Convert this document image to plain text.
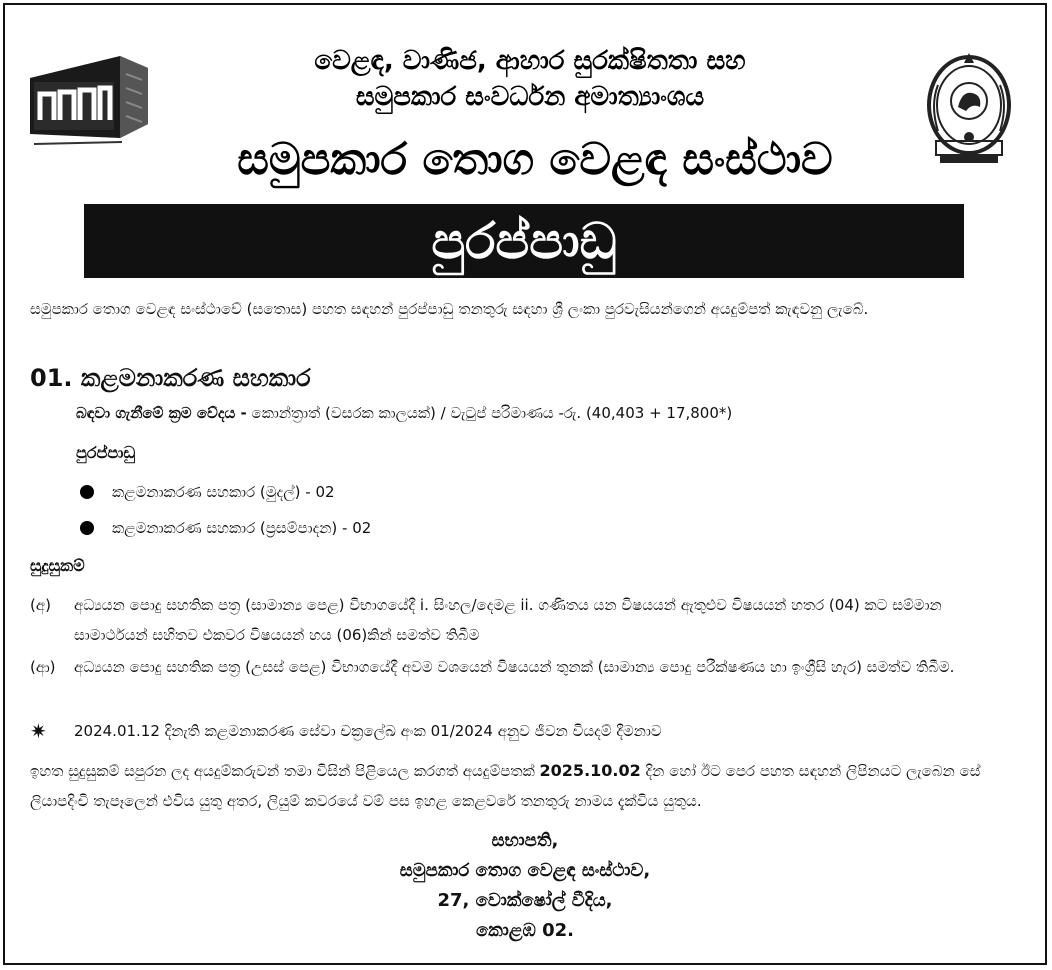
වෙළඳ, වාණිජ, ආහාර සුරක්ෂිතතා සහ
සමුපකාර සංවර්ධන අමාත්‍යාංශය
සමුපකාර තොග වෙළඳ සංස්ථාව
පුරප්පාඩු
සමුපකාර තොග වෙළඳ සංස්ථාවේ (සතොස) පහත සඳහන් පුරප්පාඩු තනතුරු සඳහා ශ්‍රී ලංකා පුරවැසියන්ගෙන් අයදුම්පත් කැඳවනු ලැබේ.
01. කළමනාකරණ සහකාර
බඳවා ගැනීමේ ක්‍රම වේදය - කොන්ත්‍රාත් (වසරක කාලයක්) / වැටුප් පරිමාණය -රු. (40,403 + 17,800*)
පුරප්පාඩු
කළමනාකරණ සහකාර (මුදල්) - 02
කළමනාකරණ සහකාර (ප්‍රසම්පාදන) - 02
සුදුසුකම්
(අ)	අධ්‍යයන පොදු සහතික පත්‍ර (සාමාන්‍ය පෙළ) විභාගයේදී i. සිංහල/දෙමළ ii. ගණිතය යන විෂයයන් ඇතුළුව විෂයයන් හතර (04) කට සම්මාන සාමාර්ථයන් සහිතව එකවර විෂයයන් හය (06)කින් සමත්ව තිබීම
(ආ)	අධ්‍යයන පොදු සහතික පත්‍ර (උසස් පෙළ) විභාගයේදී අවම වශයෙන් විෂයයන් තුනක් (සාමාන්‍ය පොදු පරීක්ෂණය හා ඉංග්‍රීසි හැර) සමත්ව තිබීම.
✷	2024.01.12 දිනැති කළමනාකරණ සේවා චක්‍රලේඛ අංක 01/2024 අනුව ජීවන වියදම් දීමනාව
ඉහත සුදුසුකම් සපුරන ලද අයදුම්කරුවන් තමා විසින් පිළියෙල කරගත් අයදුම්පතක් 2025.10.02 දින හෝ ඊට පෙර පහත සඳහන් ලිපිනයට ලැබෙන සේ ලියාපදිංචි තැපෑලෙන් එවිය යුතු අතර, ලියුම් කවරයේ වම් පස ඉහළ කෙළවරේ තනතුරු නාමය දැක්විය යුතුය.
සභාපති,
සමුපකාර තොග වෙළඳ සංස්ථාව,
27, වොක්ෂෝල් වීදිය,
කොළඹ 02.
